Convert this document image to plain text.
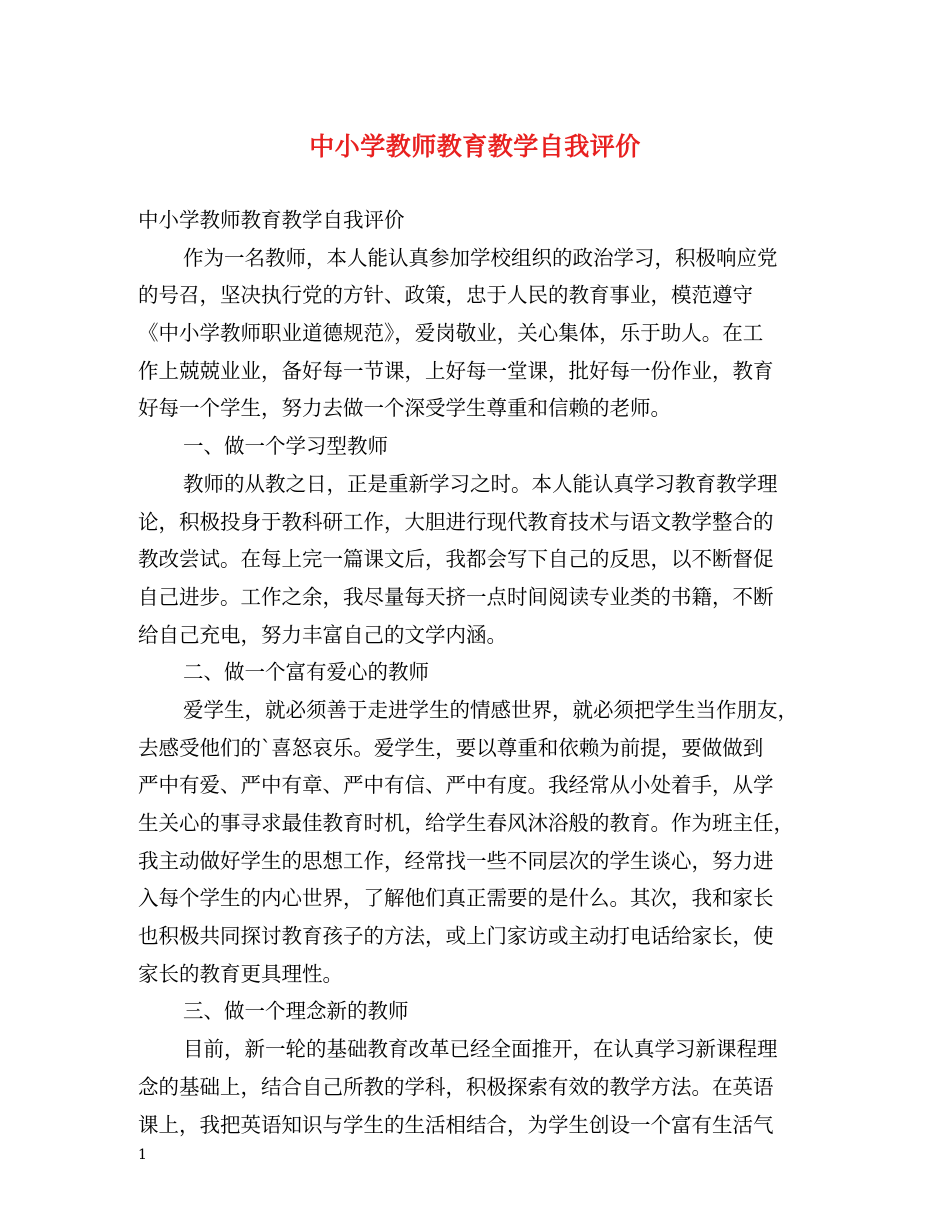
中小学教师教育教学自我评价
中小学教师教育教学自我评价
作为一名教师，本人能认真参加学校组织的政治学习，积极响应党
的号召，坚决执行党的方针、政策，忠于人民的教育事业，模范遵守
《中小学教师职业道德规范》，爱岗敬业，关心集体，乐于助人。在工
作上兢兢业业，备好每一节课，上好每一堂课，批好每一份作业，教育
好每一个学生，努力去做一个深受学生尊重和信赖的老师。
一、做一个学习型教师
教师的从教之日，正是重新学习之时。本人能认真学习教育教学理
论，积极投身于教科研工作，大胆进行现代教育技术与语文教学整合的
教改尝试。在每上完一篇课文后，我都会写下自己的反思，以不断督促
自己进步。工作之余，我尽量每天挤一点时间阅读专业类的书籍，不断
给自己充电，努力丰富自己的文学内涵。
二、做一个富有爱心的教师
爱学生，就必须善于走进学生的情感世界，就必须把学生当作朋友，
去感受他们的`喜怒哀乐。爱学生，要以尊重和依赖为前提，要做做到
严中有爱、严中有章、严中有信、严中有度。我经常从小处着手，从学
生关心的事寻求最佳教育时机，给学生春风沐浴般的教育。作为班主任，
我主动做好学生的思想工作，经常找一些不同层次的学生谈心，努力进
入每个学生的内心世界，了解他们真正需要的是什么。其次，我和家长
也积极共同探讨教育孩子的方法，或上门家访或主动打电话给家长，使
家长的教育更具理性。
三、做一个理念新的教师
目前，新一轮的基础教育改革已经全面推开，在认真学习新课程理
念的基础上，结合自己所教的学科，积极探索有效的教学方法。在英语
课上，我把英语知识与学生的生活相结合，为学生创设一个富有生活气
1
